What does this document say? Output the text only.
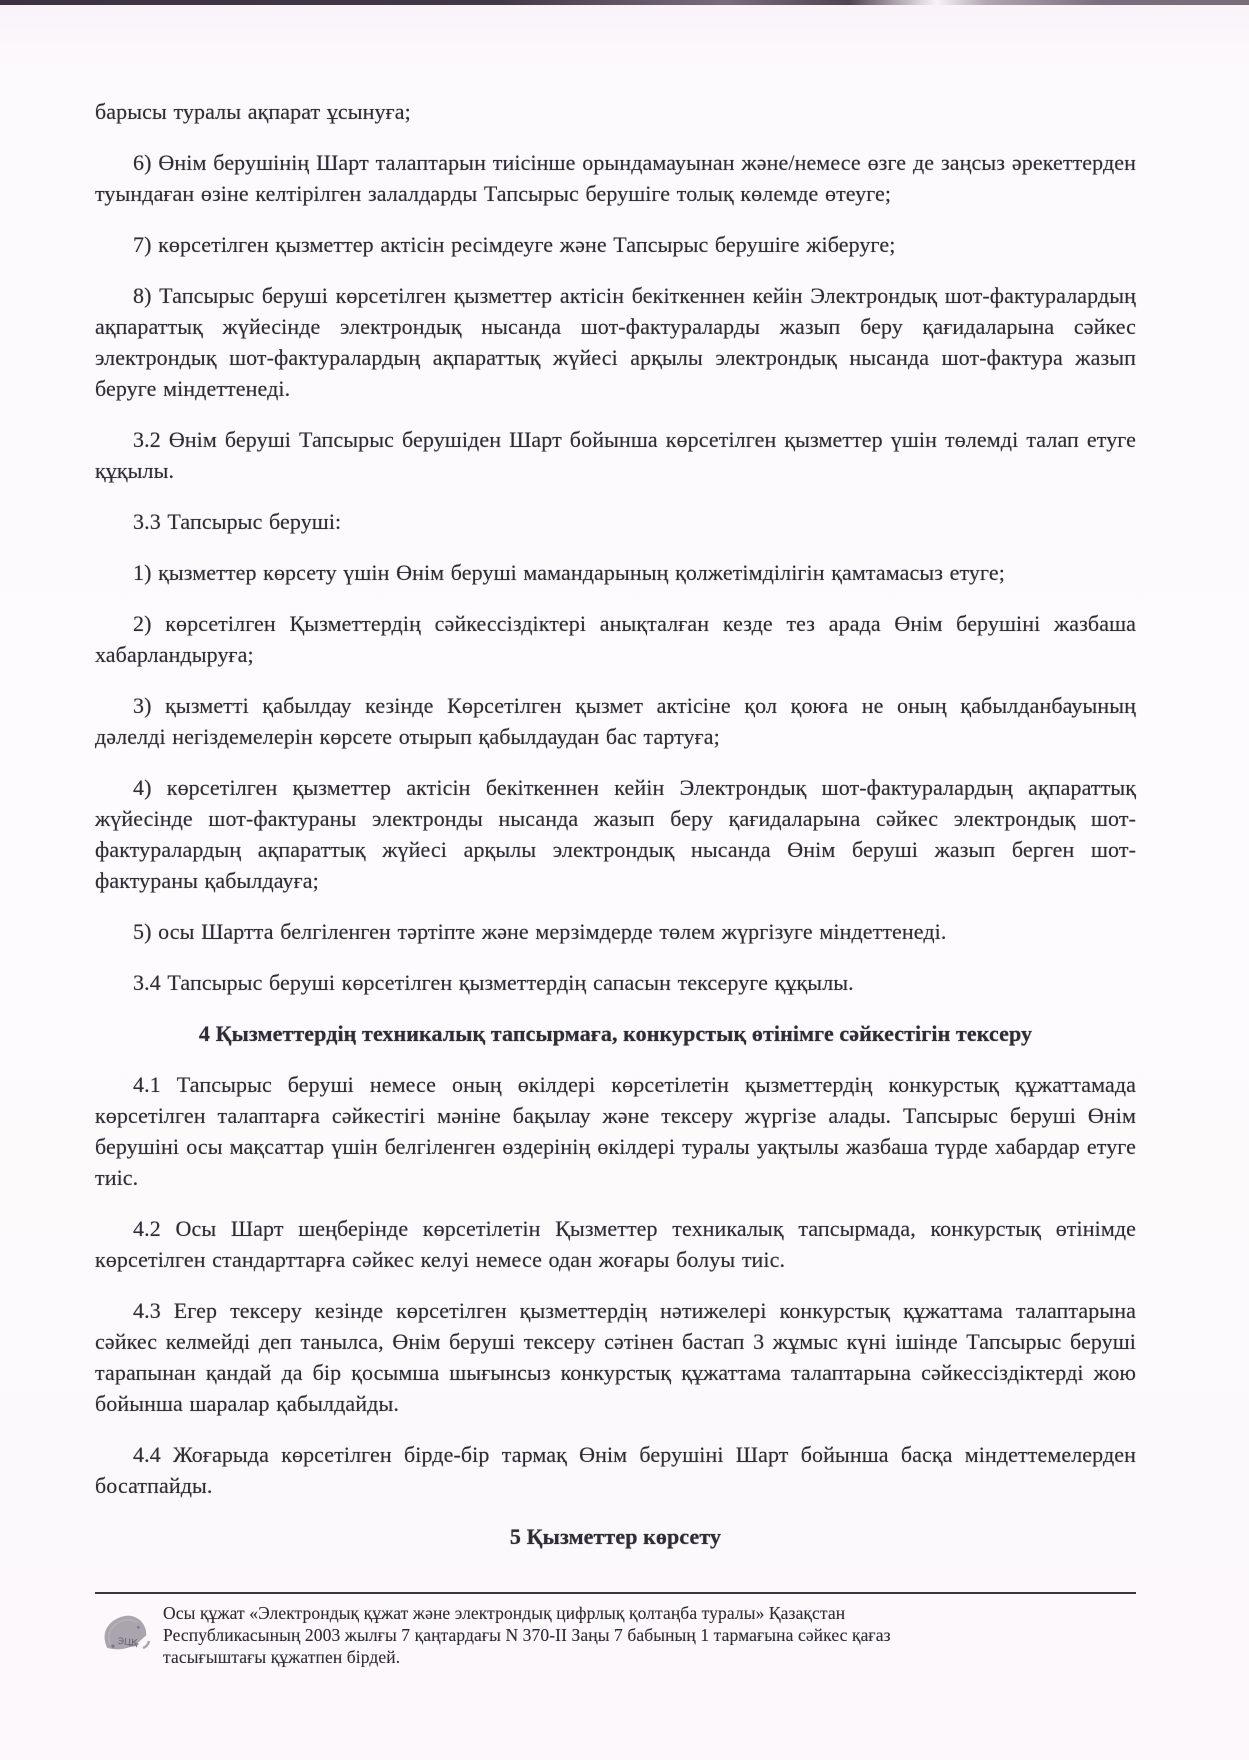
барысы туралы ақпарат ұсынуға;

6) Өнім берушінің Шарт талаптарын тиісінше орындамауынан және/немесе өзге де заңсыз әрекеттерден туындаған өзіне келтірілген залалдарды Тапсырыс берушіге толық көлемде өтеуге;

7) көрсетілген қызметтер актісін ресімдеуге және Тапсырыс берушіге жіберуге;

8) Тапсырыс беруші көрсетілген қызметтер актісін бекіткеннен кейін Электрондық шот-фактуралардың ақпараттық жүйесінде электрондық нысанда шот-фактураларды жазып беру қағидаларына сәйкес электрондық шот-фактуралардың ақпараттық жүйесі арқылы электрондық нысанда шот-фактура жазып беруге міндеттенеді.

3.2 Өнім беруші Тапсырыс берушіден Шарт бойынша көрсетілген қызметтер үшін төлемді талап етуге құқылы.

3.3 Тапсырыс беруші:

1) қызметтер көрсету үшін Өнім беруші мамандарының қолжетімділігін қамтамасыз етуге;

2) көрсетілген Қызметтердің сәйкессіздіктері анықталған кезде тез арада Өнім берушіні жазбаша хабарландыруға;

3) қызметті қабылдау кезінде Көрсетілген қызмет актісіне қол қоюға не оның қабылданбауының дәлелді негіздемелерін көрсете отырып қабылдаудан бас тартуға;

4) көрсетілген қызметтер актісін бекіткеннен кейін Электрондық шот-фактуралардың ақпараттық жүйесінде шот-фактураны электронды нысанда жазып беру қағидаларына сәйкес электрондық шот-фактуралардың ақпараттық жүйесі арқылы электрондық нысанда Өнім беруші жазып берген шот-фактураны қабылдауға;

5) осы Шартта белгіленген тәртіпте және мерзімдерде төлем жүргізуге міндеттенеді.

3.4 Тапсырыс беруші көрсетілген қызметтердің сапасын тексеруге құқылы.

4 Қызметтердің техникалық тапсырмаға, конкурстық өтінімге сәйкестігін тексеру

4.1 Тапсырыс беруші немесе оның өкілдері көрсетілетін қызметтердің конкурстық құжаттамада көрсетілген талаптарға сәйкестігі мәніне бақылау және тексеру жүргізе алады. Тапсырыс беруші Өнім берушіні осы мақсаттар үшін белгіленген өздерінің өкілдері туралы уақтылы жазбаша түрде хабардар етуге тиіс.

4.2 Осы Шарт шеңберінде көрсетілетін Қызметтер техникалық тапсырмада, конкурстық өтінімде көрсетілген стандарттарға сәйкес келуі немесе одан жоғары болуы тиіс.

4.3 Егер тексеру кезінде көрсетілген қызметтердің нәтижелері конкурстық құжаттама талаптарына сәйкес келмейді деп танылса, Өнім беруші тексеру сәтінен бастап 3 жұмыс күні ішінде Тапсырыс беруші тарапынан қандай да бір қосымша шығынсыз конкурстық құжаттама талаптарына сәйкессіздіктерді жою бойынша шаралар қабылдайды.

4.4 Жоғарыда көрсетілген бірде-бір тармақ Өнім берушіні Шарт бойынша басқа міндеттемелерден босатпайды.

5 Қызметтер көрсету

ЭЦҚ
Осы құжат «Электрондық құжат және электрондық цифрлық қолтаңба туралы» Қазақстан
Республикасының 2003 жылғы 7 қаңтардағы N 370-II Заңы 7 бабының 1 тармағына сәйкес қағаз
тасығыштағы құжатпен бірдей.
